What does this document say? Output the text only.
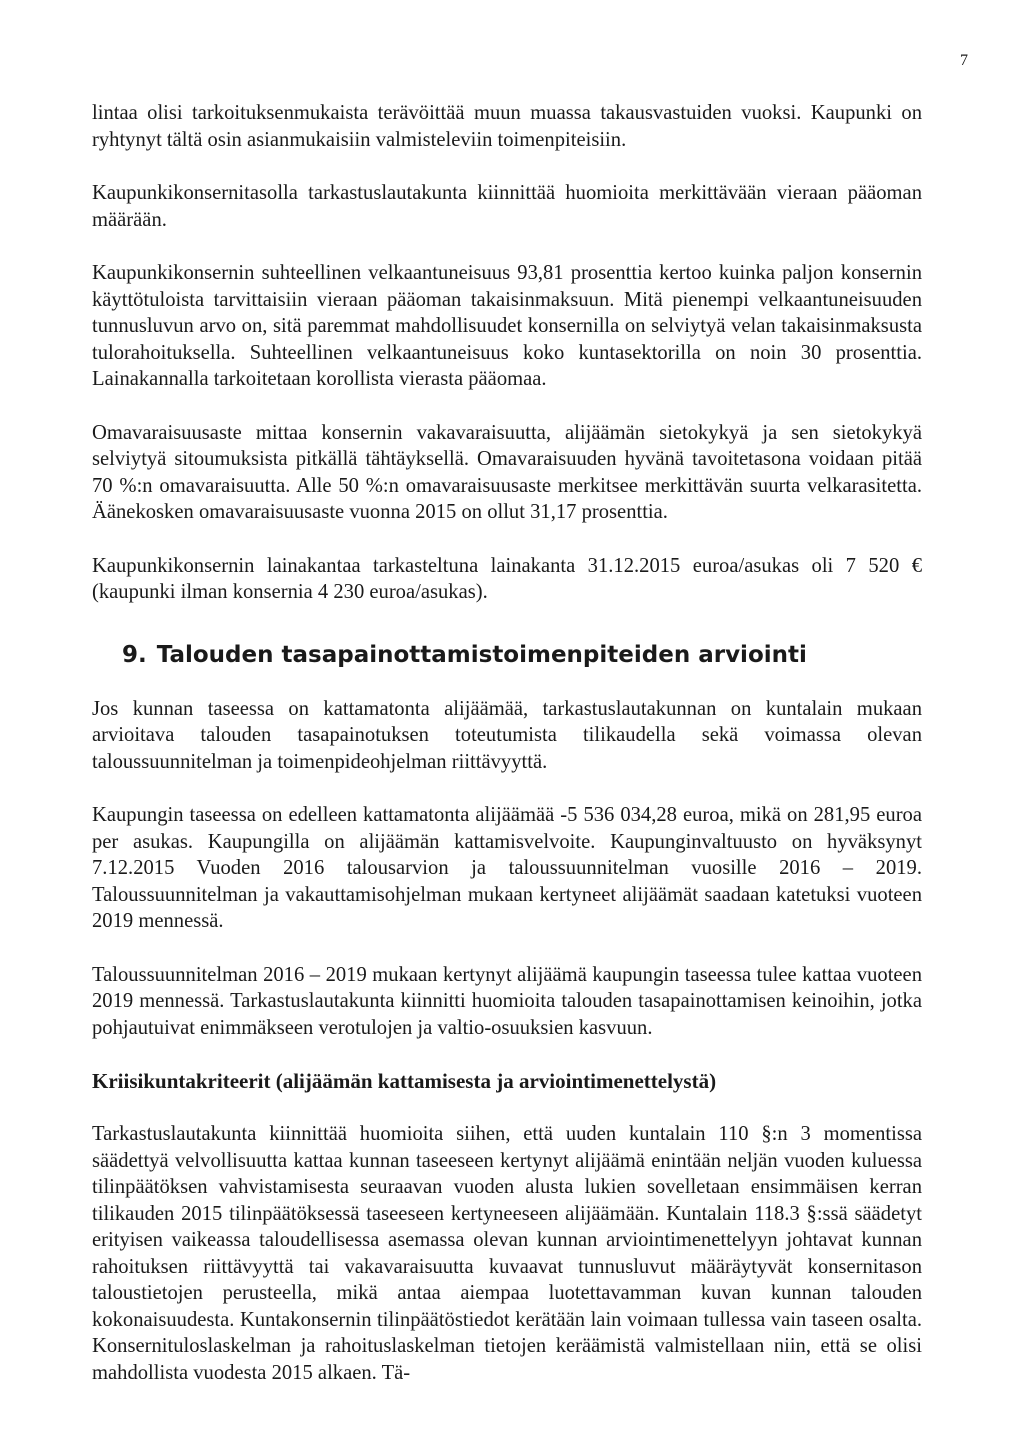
7

lintaa olisi tarkoituksenmukaista terävöittää muun muassa takausvastuiden vuoksi. Kaupunki on ryhtynyt tältä osin asianmukaisiin valmisteleviin toimenpiteisiin.

Kaupunkikonsernitasolla tarkastuslautakunta kiinnittää huomioita merkittävään vieraan pääoman määrään.

Kaupunkikonsernin suhteellinen velkaantuneisuus 93,81 prosenttia kertoo kuinka paljon konsernin käyttötuloista tarvittaisiin vieraan pääoman takaisinmaksuun. Mitä pienempi velkaantuneisuuden tunnusluvun arvo on, sitä paremmat mahdollisuudet konsernilla on selviytyä velan takaisinmaksusta tulorahoituksella. Suhteellinen velkaantuneisuus koko kuntasektorilla on noin 30 prosenttia. Lainakannalla tarkoitetaan korollista vierasta pääomaa.

Omavaraisuusaste mittaa konsernin vakavaraisuutta, alijäämän sietokykyä ja sen sietokykyä selviytyä sitoumuksista pitkällä tähtäyksellä. Omavaraisuuden hyvänä tavoitetasona voidaan pitää 70 %:n omavaraisuutta. Alle 50 %:n omavaraisuusaste merkitsee merkittävän suurta velkarasitetta. Äänekosken omavaraisuusaste vuonna 2015 on ollut 31,17 prosenttia.

Kaupunkikonsernin lainakantaa tarkasteltuna lainakanta 31.12.2015 euroa/asukas oli 7 520 € (kaupunki ilman konsernia 4 230 euroa/asukas).

9. Talouden tasapainottamistoimenpiteiden arviointi

Jos kunnan taseessa on kattamatonta alijäämää, tarkastuslautakunnan on kuntalain mukaan arvioitava talouden tasapainotuksen toteutumista tilikaudella sekä voimassa olevan taloussuunnitelman ja toimenpideohjelman riittävyyttä.

Kaupungin taseessa on edelleen kattamatonta alijäämää -5 536 034,28 euroa, mikä on 281,95 euroa per asukas. Kaupungilla on alijäämän kattamisvelvoite. Kaupunginvaltuusto on hyväksynyt 7.12.2015 Vuoden 2016 talousarvion ja taloussuunnitelman vuosille 2016 – 2019. Taloussuunnitelman ja vakauttamisohjelman mukaan kertyneet alijäämät saadaan katetuksi vuoteen 2019 mennessä.

Taloussuunnitelman 2016 – 2019 mukaan kertynyt alijäämä kaupungin taseessa tulee kattaa vuoteen 2019 mennessä. Tarkastuslautakunta kiinnitti huomioita talouden tasapainottamisen keinoihin, jotka pohjautuivat enimmäkseen verotulojen ja valtio-osuuksien kasvuun.

Kriisikuntakriteerit (alijäämän kattamisesta ja arviointimenettelystä)

Tarkastuslautakunta kiinnittää huomioita siihen, että uuden kuntalain 110 §:n 3 momentissa säädettyä velvollisuutta kattaa kunnan taseeseen kertynyt alijäämä enintään neljän vuoden kuluessa tilinpäätöksen vahvistamisesta seuraavan vuoden alusta lukien sovelletaan ensimmäisen kerran tilikauden 2015 tilinpäätöksessä taseeseen kertyneeseen alijäämään. Kuntalain 118.3 §:ssä säädetyt erityisen vaikeassa taloudellisessa asemassa olevan kunnan arviointimenettelyyn johtavat kunnan rahoituksen riittävyyttä tai vakavaraisuutta kuvaavat tunnusluvut määräytyvät konsernitason taloustietojen perusteella, mikä antaa aiempaa luotettavamman kuvan kunnan talouden kokonaisuudesta. Kuntakonsernin tilinpäätöstiedot kerätään lain voimaan tullessa vain taseen osalta. Konsernituloslaskelman ja rahoituslaskelman tietojen keräämistä valmistellaan niin, että se olisi mahdollista vuodesta 2015 alkaen. Tä-
